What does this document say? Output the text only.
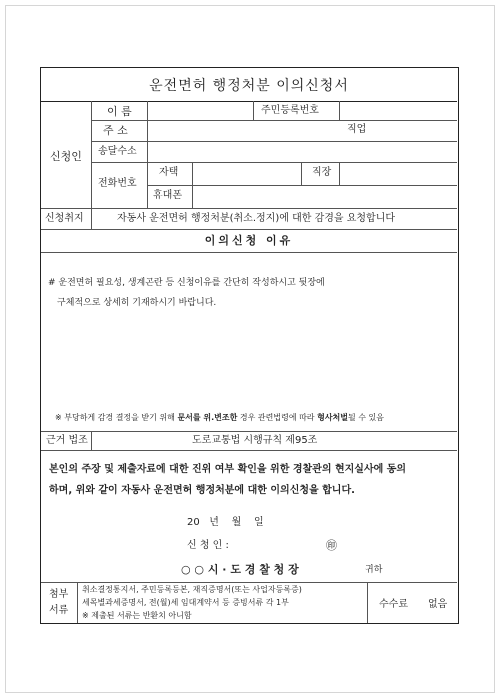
운전면허 행정처분 이의신청서
신청인
이 름	주민등록번호
주 소	직업
송달수소
전화번호
자택	직장
휴대폰
신청취지	자동사 운전면허 행정처분(취소.정지)에 대한 감경을 요청합니다
이의신청 이유
# 운전면허 필요성, 생계곤란 등 신청이유를 간단히 작성하시고 뒷장에
구체적으로 상세히 기재하시기 바랍니다.
※ 부당하게 감경 결정을 받기 위해 문서를 위.변조한 경우 관련법령에 따라 형사처벌될 수 있음
근거 법조	도로교통법 시행규칙 제95조
본인의 주장 및 제출자료에 대한 진위 여부 확인을 위한 경찰관의 현지실사에 동의
하며, 위와 같이 자동사 운전면허 행정처분에 대한 이의신청을 합니다.
20   년    월    일
신 청 인 :	㊞
○ ○ 시 · 도 경 찰 청 장	귀하
첨부
서류
취소결정통지서, 주민등록등본, 재직증명서(또는 사업자등록증)
세목별과세증명서, 전(월)세 임대계약서 등 증빙서류 각 1부
※ 제출된 서류는 반환치 아니함
수수료 없음
